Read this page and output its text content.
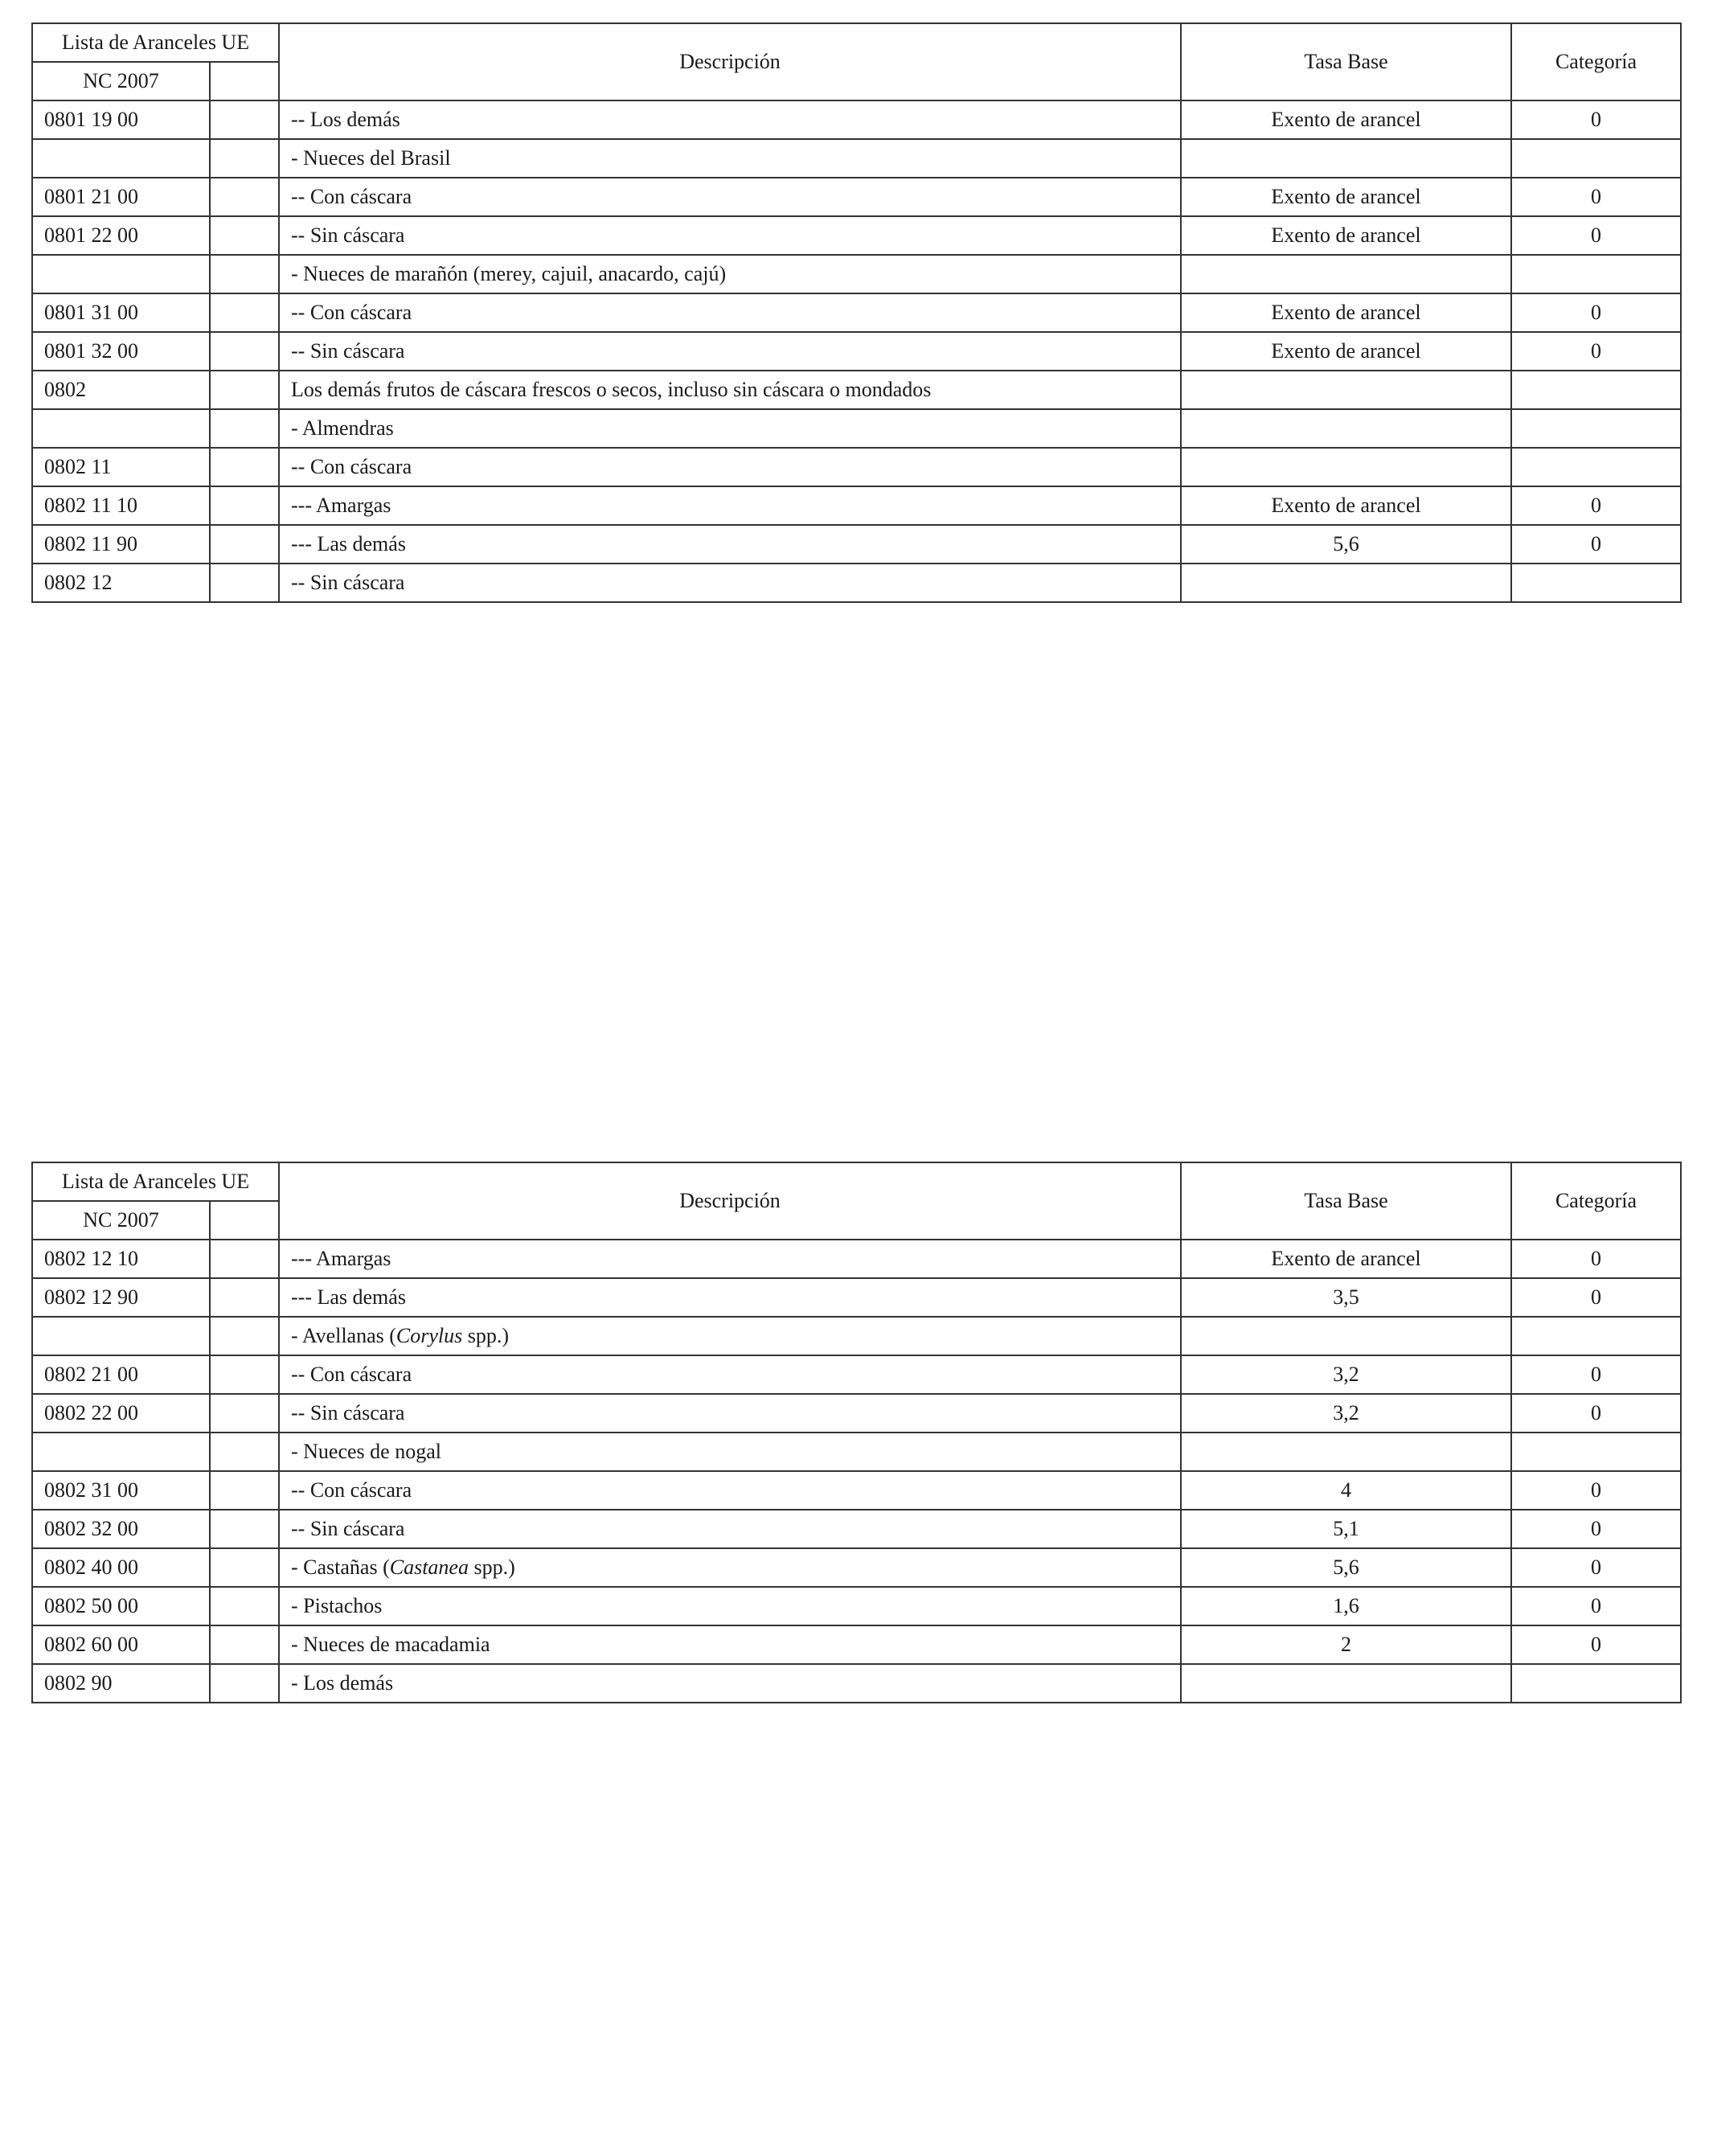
Lista de Aranceles UE		Descripción	Tasa Base	Categoría
NC 2007				
0801 19 00		-- Los demás	Exento de arancel	0
		- Nueces del Brasil		
0801 21 00		-- Con cáscara	Exento de arancel	0
0801 22 00		-- Sin cáscara	Exento de arancel	0
		- Nueces de marañón (merey, cajuil, anacardo, cajú)		
0801 31 00		-- Con cáscara	Exento de arancel	0
0801 32 00		-- Sin cáscara	Exento de arancel	0
0802		Los demás frutos de cáscara frescos o secos, incluso sin cáscara o mondados		
		- Almendras		
0802 11		-- Con cáscara		
0802 11 10		--- Amargas	Exento de arancel	0
0802 11 90		--- Las demás	5,6	0
0802 12		-- Sin cáscara		
Lista de Aranceles UE		Descripción	Tasa Base	Categoría
NC 2007				
0802 12 10		--- Amargas	Exento de arancel	0
0802 12 90		--- Las demás	3,5	0
		- Avellanas (Corylus spp.)		
0802 21 00		-- Con cáscara	3,2	0
0802 22 00		-- Sin cáscara	3,2	0
		- Nueces de nogal		
0802 31 00		-- Con cáscara	4	0
0802 32 00		-- Sin cáscara	5,1	0
0802 40 00		- Castañas (Castanea spp.)	5,6	0
0802 50 00		- Pistachos	1,6	0
0802 60 00		- Nueces de macadamia	2	0
0802 90		- Los demás		
